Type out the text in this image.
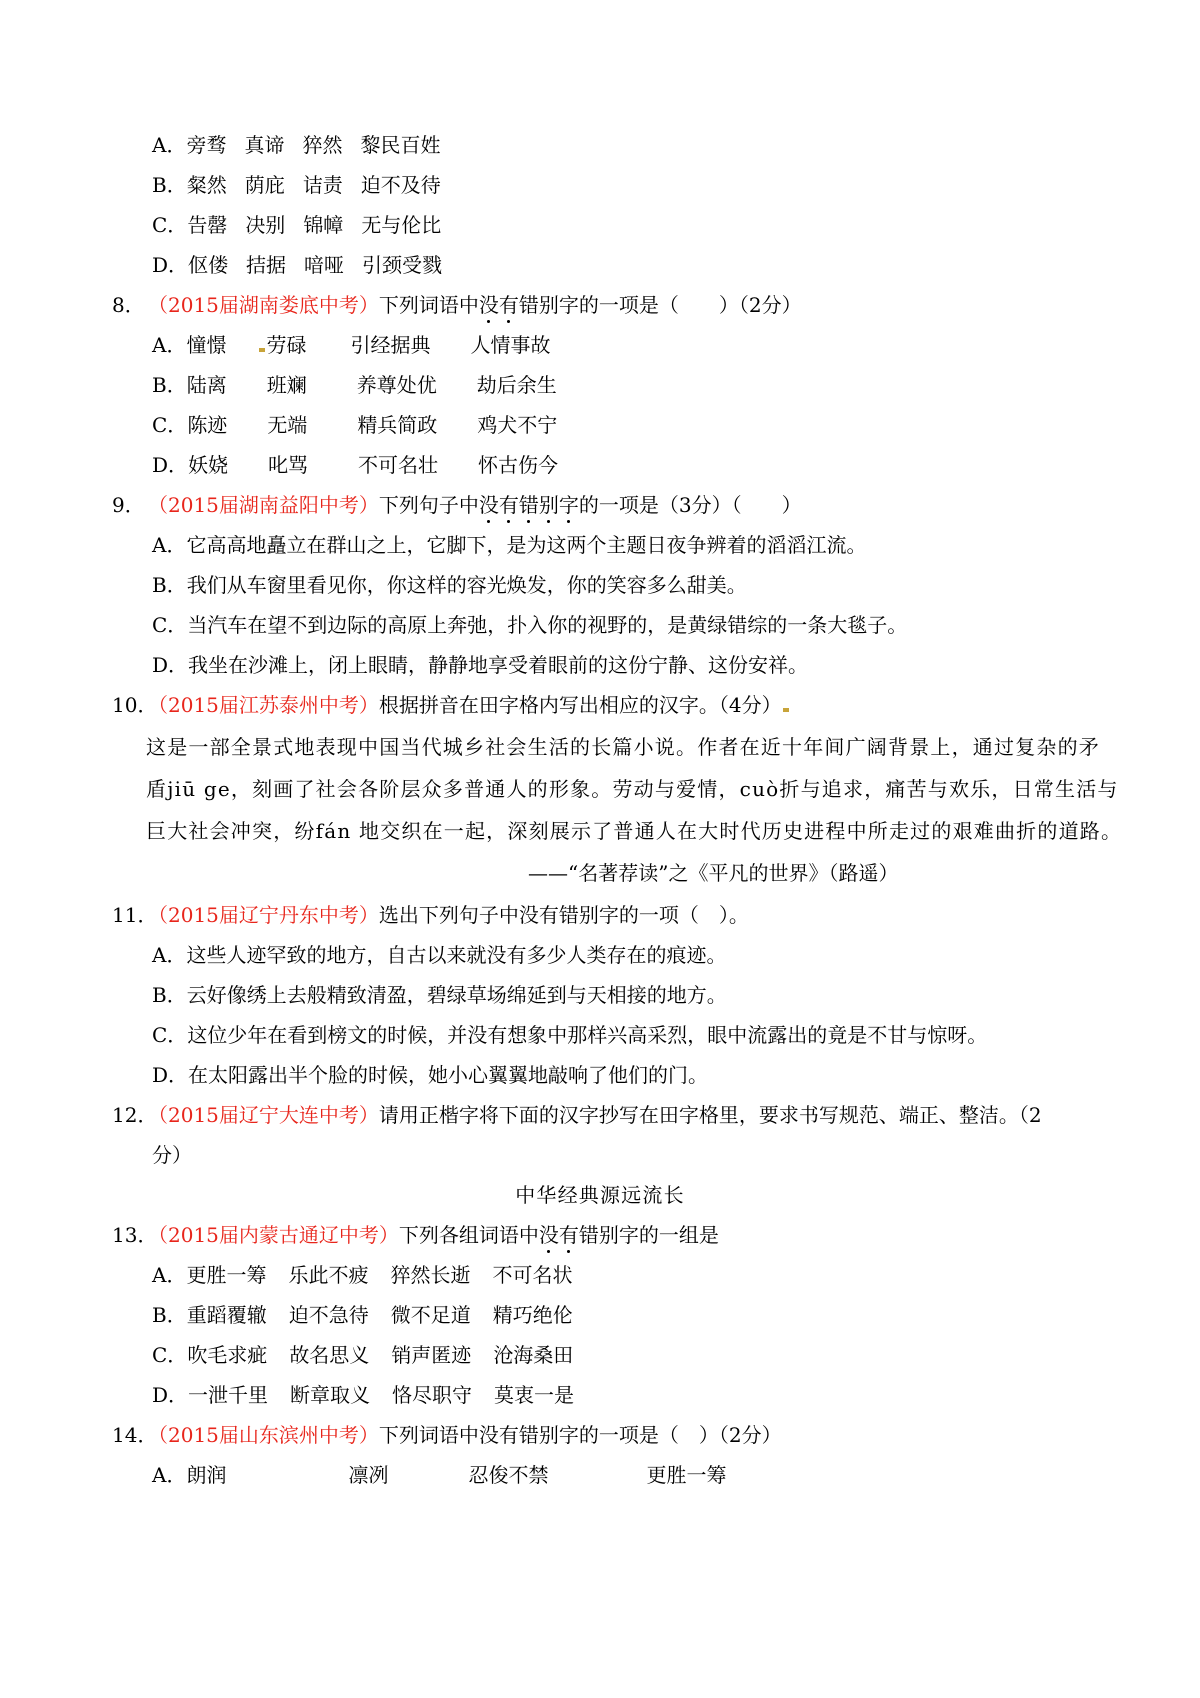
A．旁骛 真谛 猝然 黎民百姓
B．粲然 荫庇 诘责 迫不及待
C．告罄 决别 锦幛 无与伦比
D．伛偻 拮据 喑哑 引颈受戮
8． （2015届湖南娄底中考）下列词语中没有错别字的一项是（　　）（2分）
A．憧憬 劳碌 引经据典 人情事故
B．陆离 班斓	养尊处优 劫后余生
C．陈迹 无端	精兵简政 鸡犬不宁
D．妖娆 叱骂	不可名壮 怀古伤今
9． （2015届湖南益阳中考）下列句子中没有错别字的一项是（3分）（　　）
A．它高高地矗立在群山之上，它脚下，是为这两个主题日夜争辨着的滔滔江流。
B．我们从车窗里看见你，你这样的容光焕发，你的笑容多么甜美。
C．当汽车在望不到边际的高原上奔弛，扑入你的视野的，是黄绿错综的一条大毯子。
D．我坐在沙滩上，闭上眼睛，静静地享受着眼前的这份宁静、这份安祥。
10．
（2015届江苏泰州中考）根据拼音在田字格内写出相应的汉字。（4分）
这是一部全景式地表现中国当代城乡社会生活的长篇小说。作者在近十年间广阔背景上，通过复杂的矛
盾jiū ge，刻画了社会各阶层众多普通人的形象。劳动与爱情，cuò折与追求，痛苦与欢乐，日常生活与
巨大社会冲突，纷fán 地交织在一起，深刻展示了普通人在大时代历史进程中所走过的艰难曲折的道路。
——“名著荐读”之《平凡的世界》（路遥）
11．
（2015届辽宁丹东中考）选出下列句子中没有错别字的一项（　）。
A．这些人迹罕致的地方，自古以来就没有多少人类存在的痕迹。
B．云好像绣上去般精致清盈，碧绿草场绵延到与天相接的地方。
C．这位少年在看到榜文的时候，并没有想象中那样兴高采烈，眼中流露出的竟是不甘与惊呀。
D．在太阳露出半个脸的时候，她小心翼翼地敲响了他们的门。
12．
（2015届辽宁大连中考）请用正楷字将下面的汉字抄写在田字格里，要求书写规范、端正、整洁。（2
分）
中华经典源远流长
13．
（2015届内蒙古通辽中考）下列各组词语中没有错别字的一组是
A．更胜一筹 乐此不疲 猝然长逝 不可名状
B．重蹈覆辙 迫不急待 微不足道 精巧绝伦
C．吹毛求疵 故名思义 销声匿迹 沧海桑田
D．一泄千里 断章取义 恪尽职守 莫衷一是
14．
（2015届山东滨州中考）下列词语中没有错别字的一项是（　）（2分）
A．朗润	凛冽	忍俊不禁	更胜一筹
